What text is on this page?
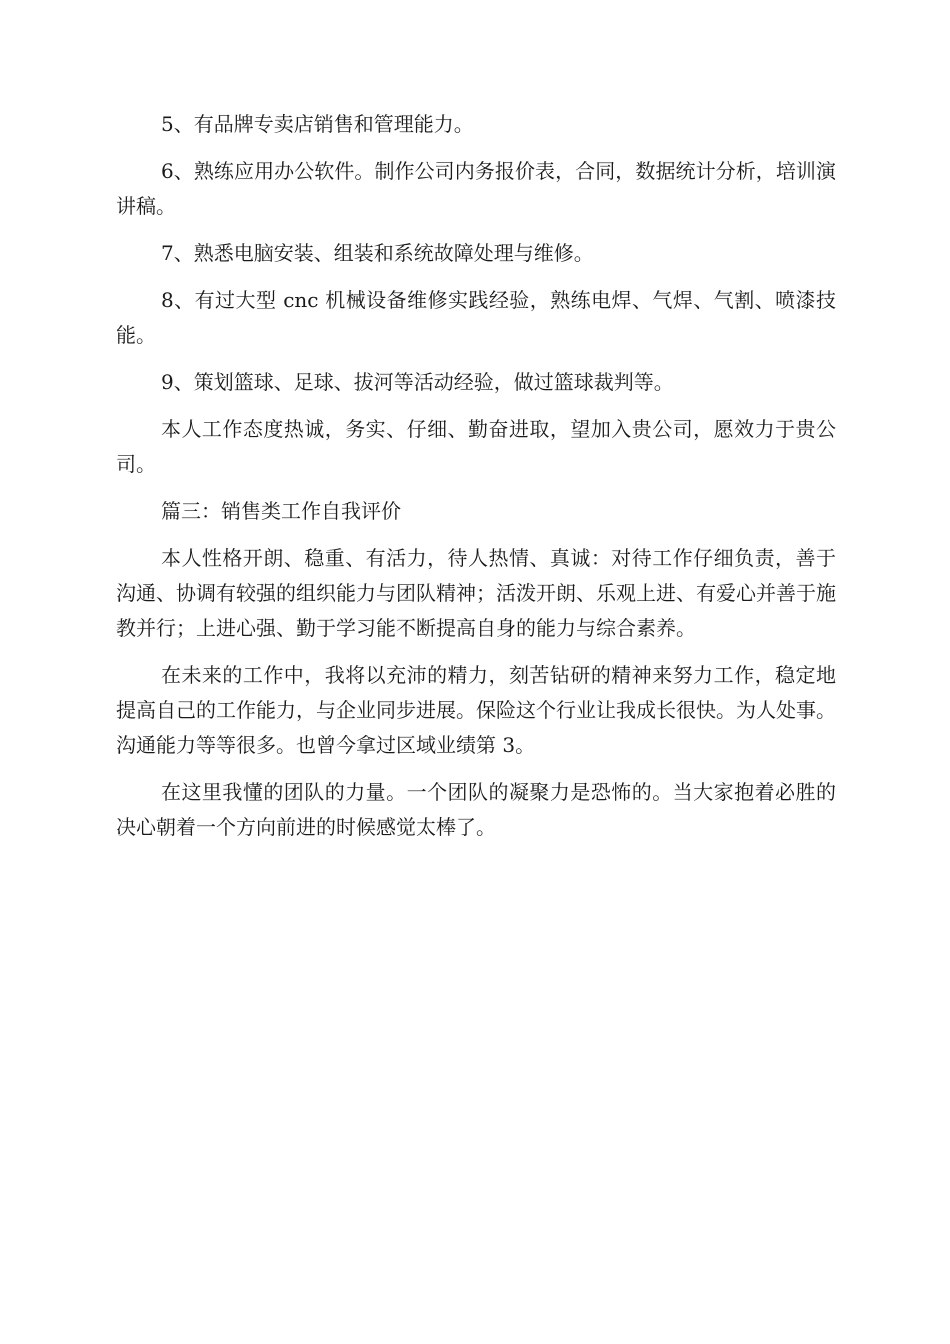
5、有品牌专卖店销售和管理能力。

6、熟练应用办公软件。制作公司内务报价表，合同，数据统计分析，培训演讲稿。

7、熟悉电脑安装、组装和系统故障处理与维修。

8、有过大型 cnc 机械设备维修实践经验，熟练电焊、气焊、气割、喷漆技能。

9、策划篮球、足球、拔河等活动经验，做过篮球裁判等。

本人工作态度热诚，务实、仔细、勤奋进取，望加入贵公司，愿效力于贵公司。

篇三：销售类工作自我评价

本人性格开朗、稳重、有活力，待人热情、真诚：对待工作仔细负责，善于沟通、协调有较强的组织能力与团队精神；活泼开朗、乐观上进、有爱心并善于施教并行；上进心强、勤于学习能不断提高自身的能力与综合素养。

在未来的工作中，我将以充沛的精力，刻苦钻研的精神来努力工作，稳定地提高自己的工作能力，与企业同步进展。保险这个行业让我成长很快。为人处事。沟通能力等等很多。也曾今拿过区域业绩第 3。

在这里我懂的团队的力量。一个团队的凝聚力是恐怖的。当大家抱着必胜的决心朝着一个方向前进的时候感觉太棒了。
